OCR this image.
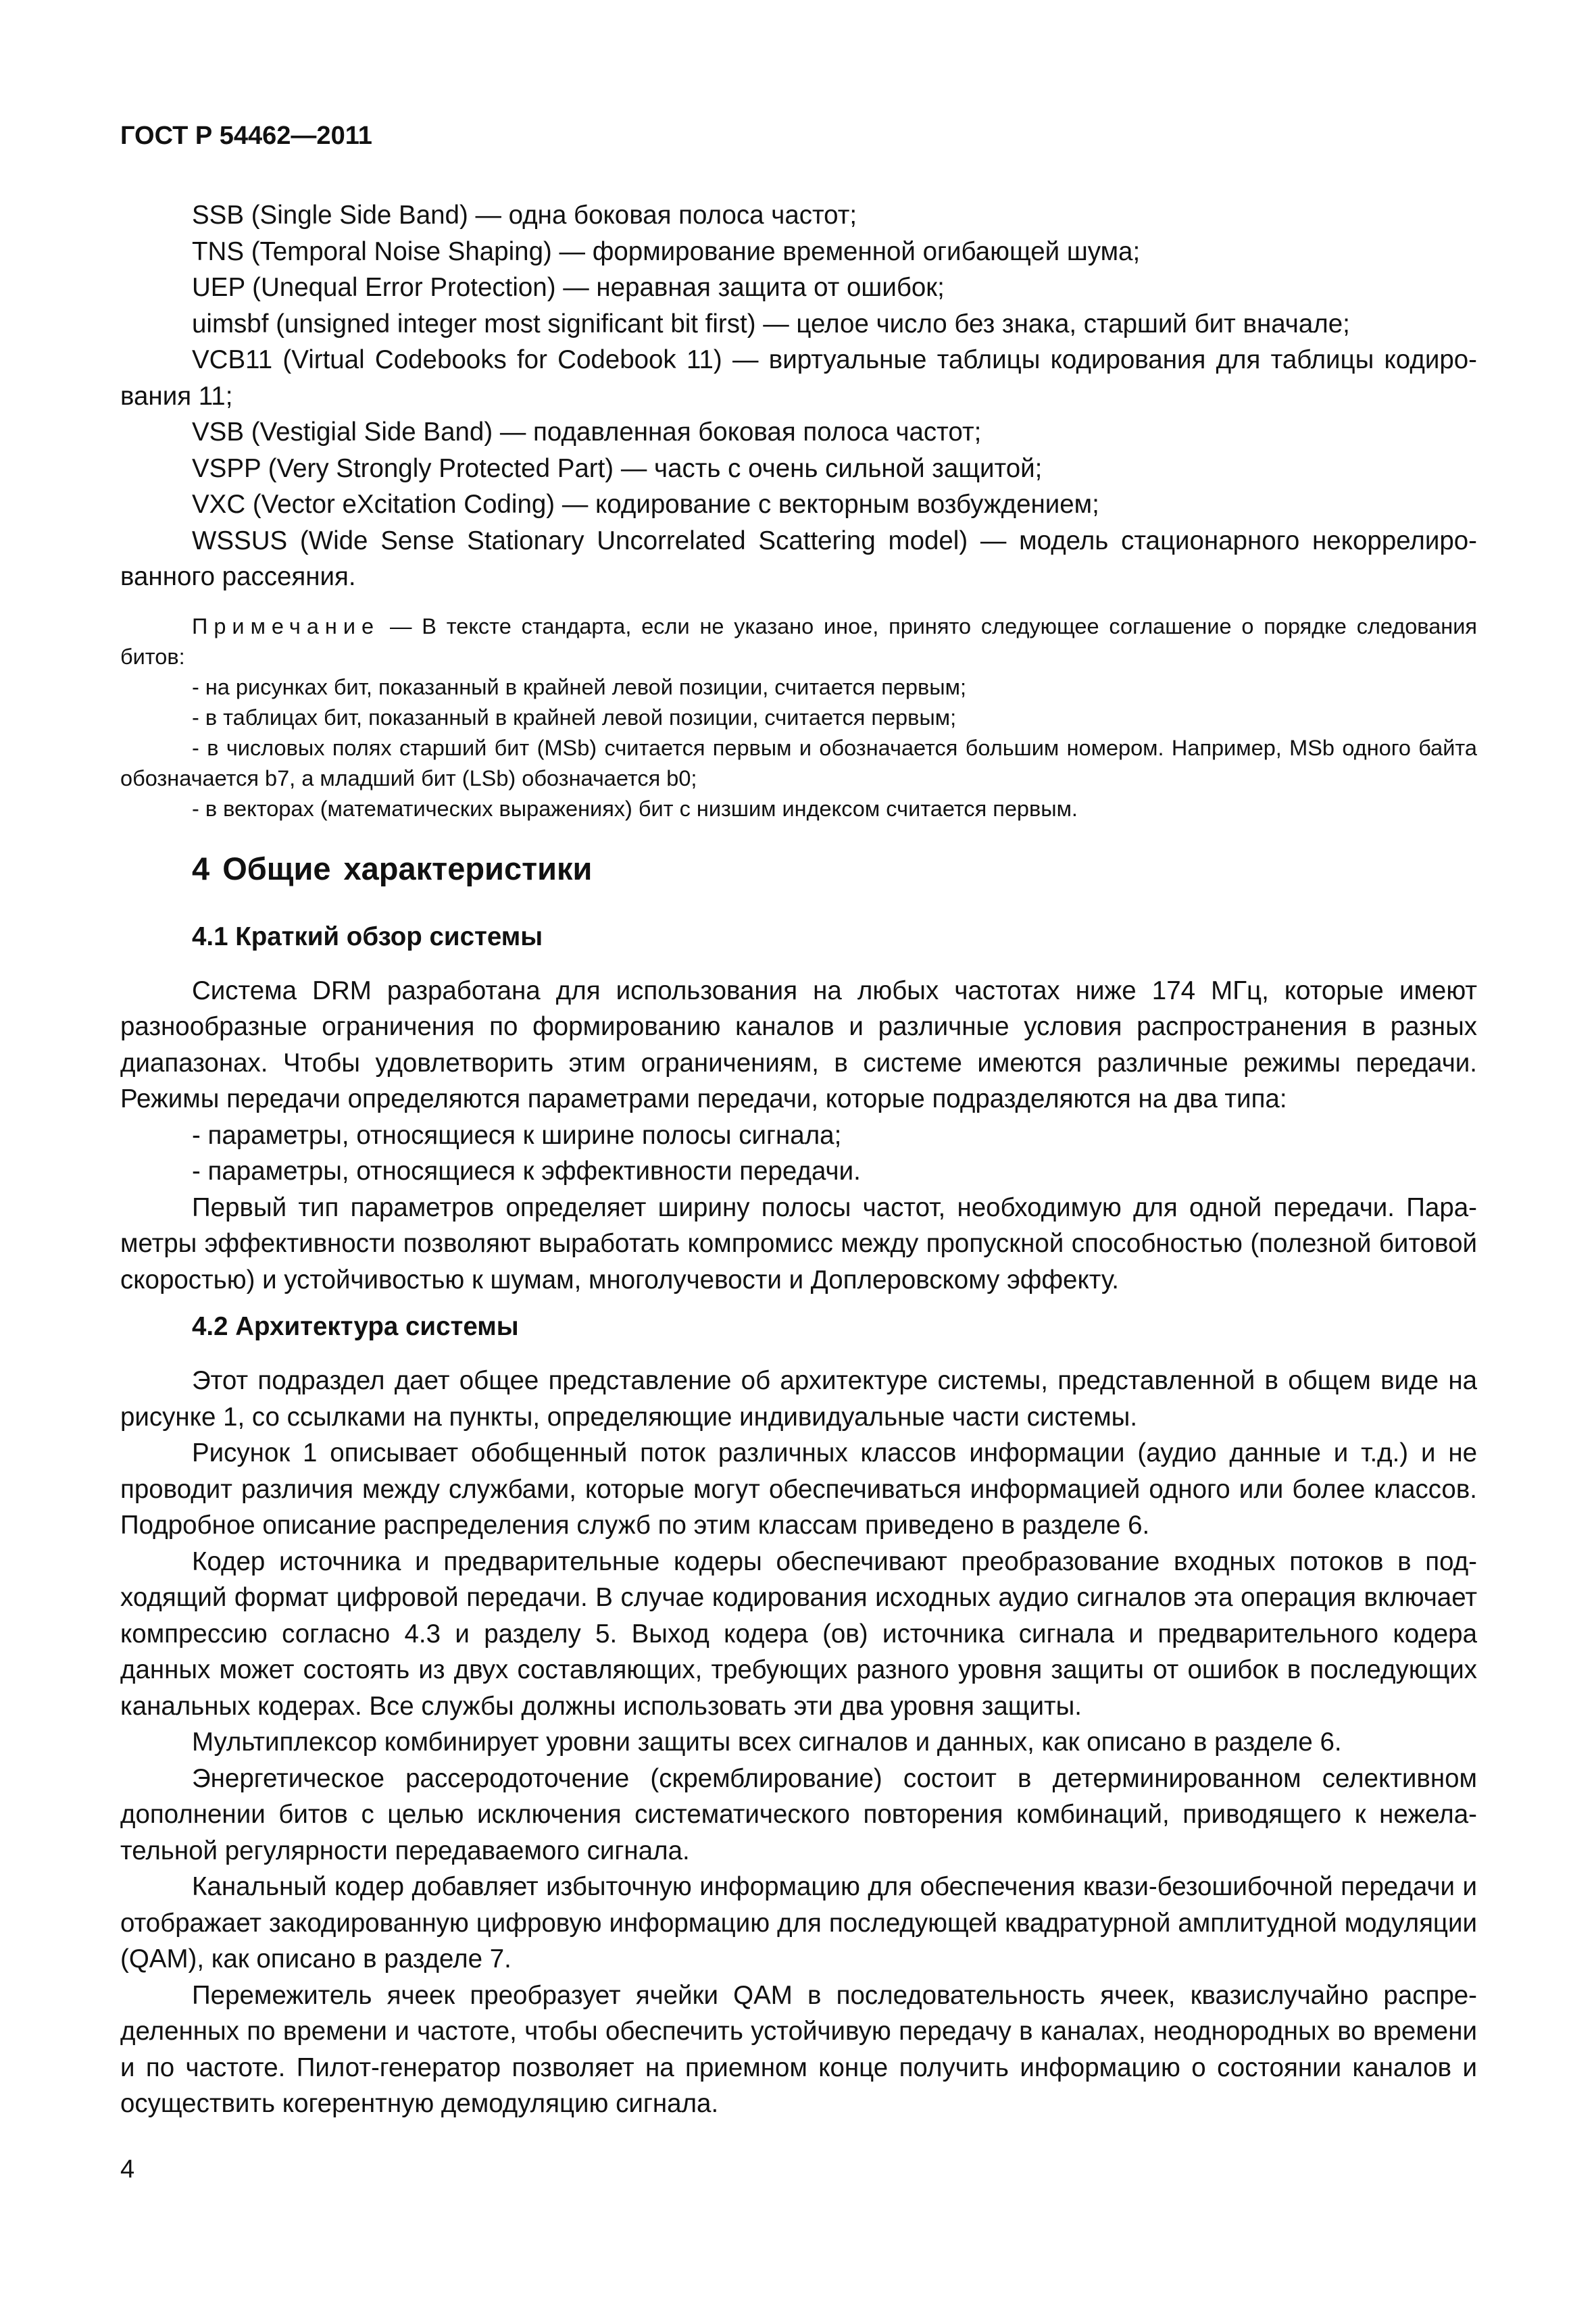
ГОСТ Р 54462—2011

SSB (Single Side Band) — одна боковая полоса частот;

TNS (Temporal Noise Shaping) — формирование временной огибающей шума;

UEP (Unequal Error Protection) — неравная защита от ошибок;

uimsbf (unsigned integer most significant bit first) — целое число без знака, старший бит вначале;

VCB11 (Virtual Codebooks for Codebook 11) — виртуальные таблицы кодирования для таблицы кодирования 11;

VSB (Vestigial Side Band) — подавленная боковая полоса частот;

VSPP (Very Strongly Protected Part) — часть с очень сильной защитой;

VXC (Vector eXcitation Coding) — кодирование с векторным возбуждением;

WSSUS (Wide Sense Stationary Uncorrelated Scattering model) — модель стационарного некоррелированного рассеяния.

Примечание — В тексте стандарта, если не указано иное, принято следующее соглашение о порядке следования битов:

- на рисунках бит, показанный в крайней левой позиции, считается первым;

- в таблицах бит, показанный в крайней левой позиции, считается первым;

- в числовых полях старший бит (MSb) считается первым и обозначается большим номером. Например, MSb одного байта обозначается b7, а младший бит (LSb) обозначается b0;

- в векторах (математических выражениях) бит с низшим индексом считается первым.

4 Общие характеристики
4.1 Краткий обзор системы

Система DRM разработана для использования на любых частотах ниже 174 МГц, которые имеют разнообразные ограничения по формированию каналов и различные условия распространения в разных диапазонах. Чтобы удовлетворить этим ограничениям, в системе имеются различные режимы передачи. Режимы передачи определяются параметрами передачи, которые подразделяются на два типа:

- параметры, относящиеся к ширине полосы сигнала;

- параметры, относящиеся к эффективности передачи.

Первый тип параметров определяет ширину полосы частот, необходимую для одной передачи. Параметры эффективности позволяют выработать компромисс между пропускной способностью (полезной битовой скоростью) и устойчивостью к шумам, многолучевости и Доплеровскому эффекту.

4.2 Архитектура системы

Этот подраздел дает общее представление об архитектуре системы, представленной в общем виде на рисунке 1, со ссылками на пункты, определяющие индивидуальные части системы.

Рисунок 1 описывает обобщенный поток различных классов информации (аудио данные и т.д.) и не проводит различия между службами, которые могут обеспечиваться информацией одного или более классов. Подробное описание распределения служб по этим классам приведено в разделе 6.

Кодер источника и предварительные кодеры обеспечивают преобразование входных потоков в подходящий формат цифровой передачи. В случае кодирования исходных аудио сигналов эта операция включает компрессию согласно 4.3 и разделу 5. Выход кодера (ов) источника сигнала и предварительного кодера данных может состоять из двух составляющих, требующих разного уровня защиты от ошибок в последующих канальных кодерах. Все службы должны использовать эти два уровня защиты.

Мультиплексор комбинирует уровни защиты всех сигналов и данных, как описано в разделе 6.

Энергетическое рассеродоточение (скремблирование) состоит в детерминированном селективном дополнении битов с целью исключения систематического повторения комбинаций, приводящего к нежелательной регулярности передаваемого сигнала.

Канальный кодер добавляет избыточную информацию для обеспечения квази-безошибочной передачи и отображает закодированную цифровую информацию для последующей квадратурной амплитудной модуляции (QAM), как описано в разделе 7.

Перемежитель ячеек преобразует ячейки QAM в последовательность ячеек, квазислучайно распределенных по времени и частоте, чтобы обеспечить устойчивую передачу в каналах, неоднородных во времени и по частоте. Пилот-генератор позволяет на приемном конце получить информацию о состоянии каналов и осуществить когерентную демодуляцию сигнала.

4
